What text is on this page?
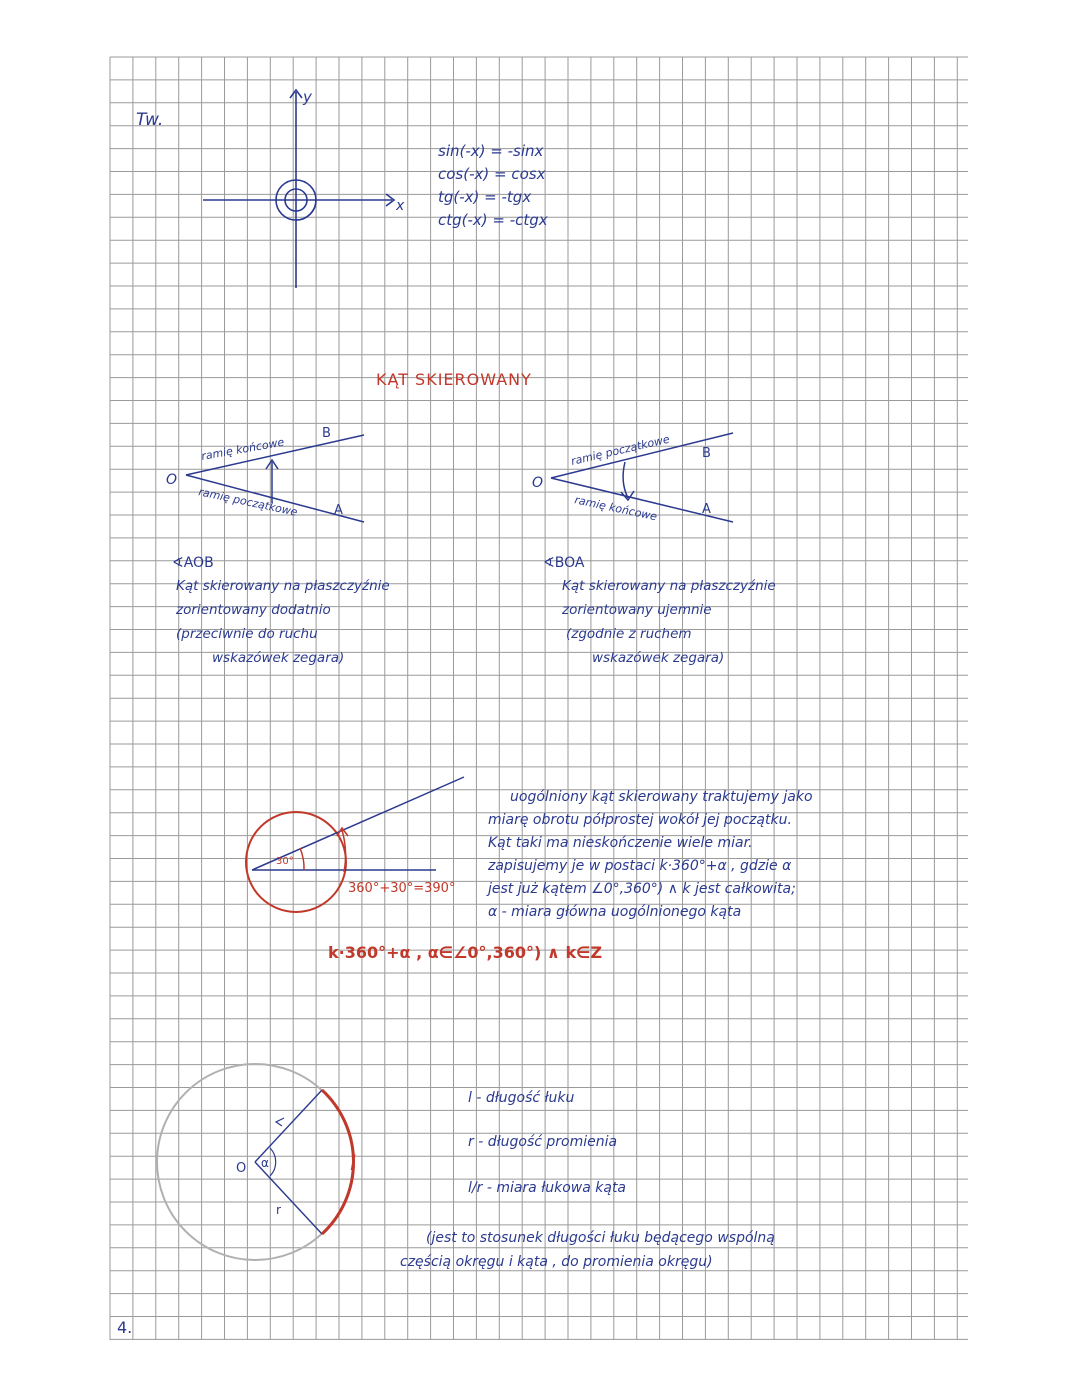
Tw.
4.
y
x
sin(-x) = -sinx
cos(-x) = cosx
tg(-x) = -tgx
ctg(-x) = -ctgx
KĄT SKIEROWANY
O
B
A
ramię końcowe
ramię początkowe
∢AOB
Kąt skierowany na płaszczyźnie
zorientowany dodatnio
(przeciwnie do ruchu
wskazówek zegara)
O
B
A
ramię początkowe
ramię końcowe
∢BOA
Kąt skierowany na płaszczyźnie
zorientowany ujemnie
(zgodnie z ruchem
wskazówek zegara)
30°
360°+30°=390°
uogólniony kąt skierowany traktujemy jako
miarę obrotu półprostej wokół jej początku.
Kąt taki ma nieskończenie wiele miar.
zapisujemy je w postaci k·360°+α , gdzie α
jest już kątem ∠0°,360°) ∧ k jest całkowita;
α - miara główna uogólnionego kąta
k·360°+α , α∈∠0°,360°) ∧ k∈Z
O α
r
l
l - długość łuku
r - długość promienia
l/r - miara łukowa kąta
(jest to stosunek długości łuku będącego wspólną
częścią okręgu i kąta , do promienia okręgu)
